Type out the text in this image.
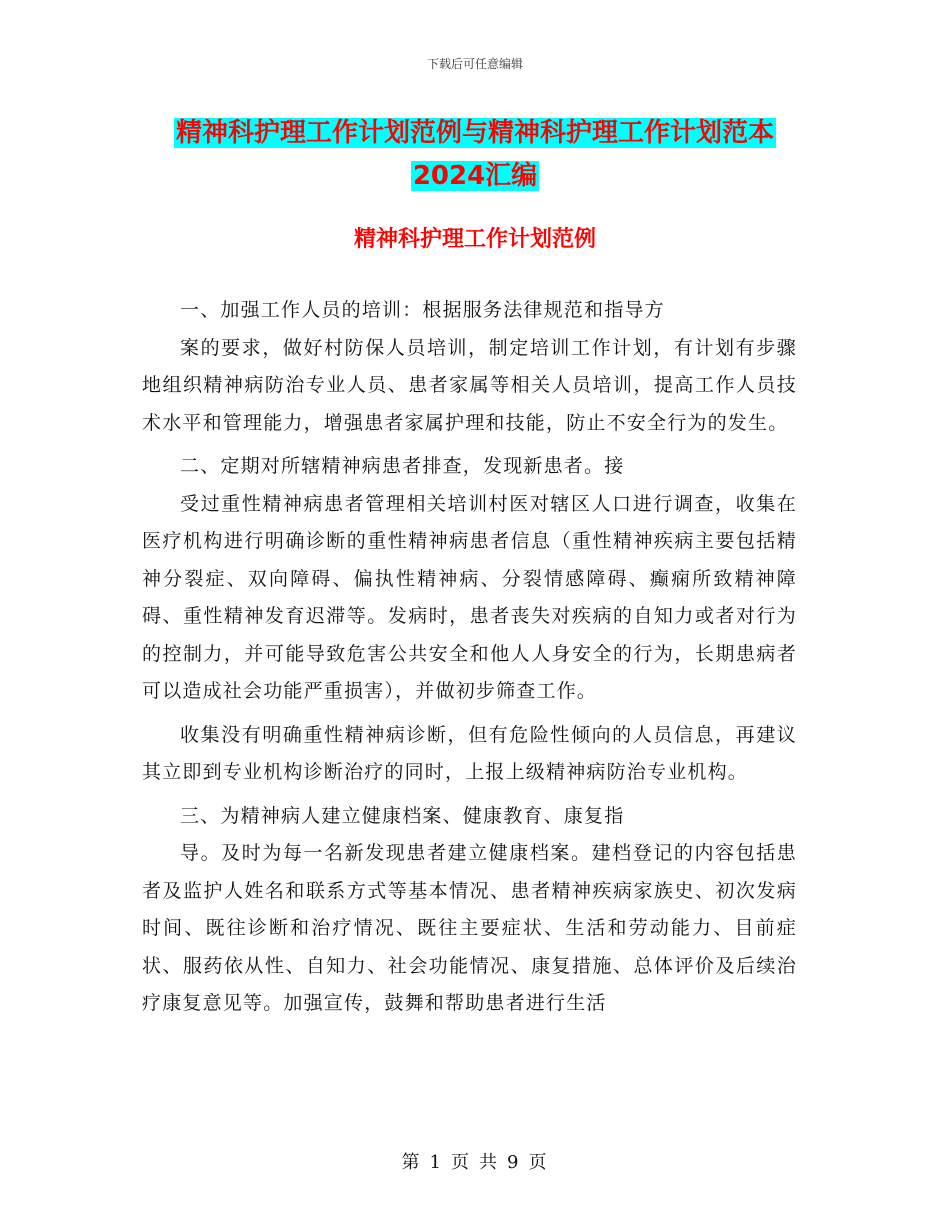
下载后可任意编辑
精神科护理工作计划范例与精神科护理工作计划范本
2024汇编
精神科护理工作计划范例

一、加强工作人员的培训：根据服务法律规范和指导方

案的要求，做好村防保人员培训，制定培训工作计划，有计划有步骤地组织精神病防治专业人员、患者家属等相关人员培训，提高工作人员技术水平和管理能力，增强患者家属护理和技能，防止不安全行为的发生。

二、定期对所辖精神病患者排查，发现新患者。接

受过重性精神病患者管理相关培训村医对辖区人口进行调查，收集在医疗机构进行明确诊断的重性精神病患者信息（重性精神疾病主要包括精神分裂症、双向障碍、偏执性精神病、分裂情感障碍、癫痫所致精神障碍、重性精神发育迟滞等。发病时，患者丧失对疾病的自知力或者对行为的控制力，并可能导致危害公共安全和他人人身安全的行为，长期患病者可以造成社会功能严重损害），并做初步筛查工作。

收集没有明确重性精神病诊断，但有危险性倾向的人员信息，再建议其立即到专业机构诊断治疗的同时，上报上级精神病防治专业机构。

三、为精神病人建立健康档案、健康教育、康复指

导。及时为每一名新发现患者建立健康档案。建档登记的内容包括患者及监护人姓名和联系方式等基本情况、患者精神疾病家族史、初次发病时间、既往诊断和治疗情况、既往主要症状、生活和劳动能力、目前症状、服药依从性、自知力、社会功能情况、康复措施、总体评价及后续治疗康复意见等。加强宣传，鼓舞和帮助患者进行生活

第 1 页 共 9 页
